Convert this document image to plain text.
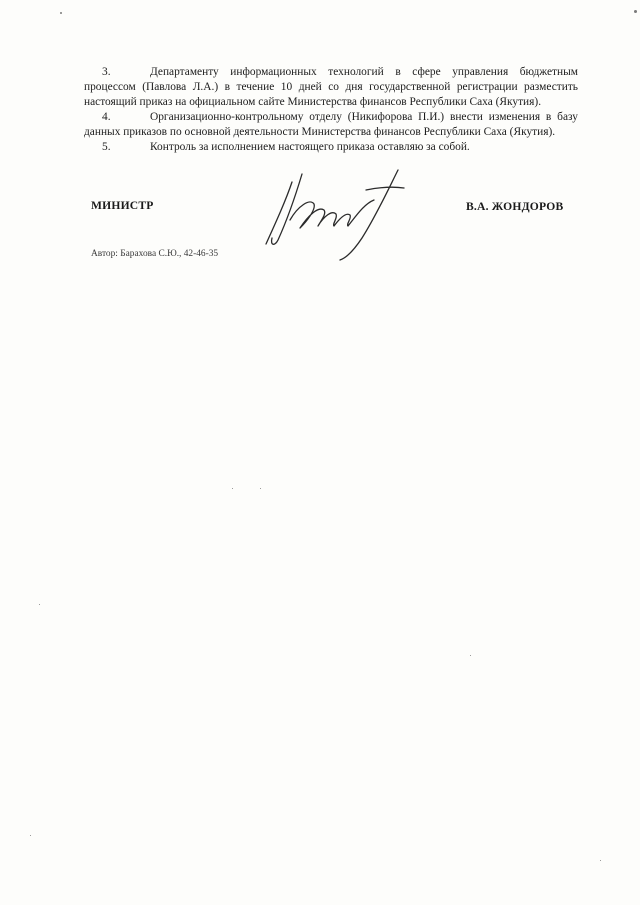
3.	Департаменту информационных технологий в сфере управления бюджетным процессом (Павлова Л.А.) в течение 10 дней со дня государственной регистрации разместить настоящий приказ на официальном сайте Министерства финансов Республики Саха (Якутия).

4.	Организационно-контрольному отделу (Никифорова П.И.) внести изменения в базу данных приказов по основной деятельности Министерства финансов Республики Саха (Якутия).

5.	Контроль за исполнением настоящего приказа оставляю за собой.

МИНИСТР	В.А. ЖОНДОРОВ
Автор: Барахова С.Ю., 42-46-35
